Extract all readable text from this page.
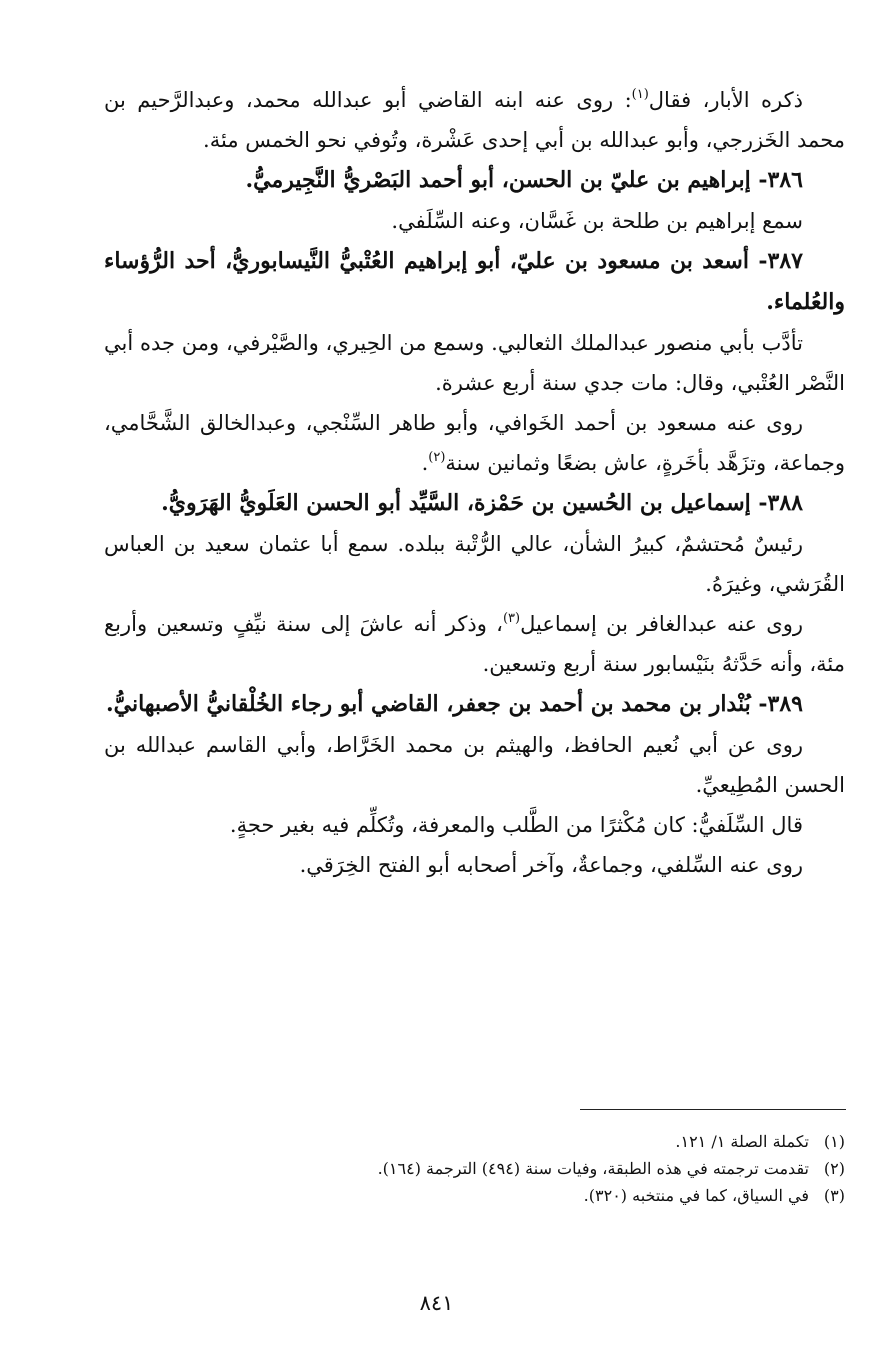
ذكره الأبار، فقال$^{(١)}$: روى عنه ابنه القاضي أبو عبدالله محمد، وعبدالرَّحيم بن محمد الخَزرجي، وأبو عبدالله بن أبي إحدى عَشْرة، وتُوفي نحو الخمس مئة.

٣٨٦- إبراهيم بن عليّ بن الحسن، أبو أحمد البَصْريُّ النَّجِيرميُّ.

سمع إبراهيم بن طلحة بن غَسَّان، وعنه السِّلَفي.

٣٨٧- أسعد بن مسعود بن عليّ، أبو إبراهيم العُتْبيُّ النَّيسابوريُّ، أحد الرُّؤساء والعُلماء.

تأدَّب بأبي منصور عبدالملك الثعالبي. وسمع من الحِيري، والصَّيْرفي، ومن جده أبي النَّصْر العُتْبي، وقال: مات جدي سنة أربع عشرة.

روى عنه مسعود بن أحمد الخَوافي، وأبو طاهر السِّنْجي، وعبدالخالق الشَّحَّامي، وجماعة، وتزَهَّد بأخَرةٍ، عاش بضعًا وثمانين سنة$^{(٢)}$.

٣٨٨- إسماعيل بن الحُسين بن حَمْزة، السَّيِّد أبو الحسن العَلَويُّ الهَرَويُّ.

رئيسٌ مُحتشمٌ، كبيرُ الشأن، عالي الرُّتْبة ببلده. سمع أبا عثمان سعيد بن العباس القُرَشي، وغيرَهُ.

روى عنه عبدالغافر بن إسماعيل$^{(٣)}$، وذكر أنه عاشَ إلى سنة نيِّفٍ وتسعين وأربع مئة، وأنه حَدَّثهُ بنَيْسابور سنة أربع وتسعين.

٣٨٩- بُنْدار بن محمد بن أحمد بن جعفر، القاضي أبو رجاء الخُلْقانيُّ الأصبهانيُّ.

روى عن أبي نُعيم الحافظ، والهيثم بن محمد الخَرَّاط، وأبي القاسم عبدالله بن الحسن المُطِيعيِّ.

قال السِّلَفيُّ: كان مُكْثرًا من الطَّلب والمعرفة، وتُكلِّم فيه بغير حجةٍ.

روى عنه السِّلفي، وجماعةٌ، وآخر أصحابه أبو الفتح الخِرَقي.

(١)تكملة الصلة ١/ ١٢١.

(٢)تقدمت ترجمته في هذه الطبقة، وفيات سنة (٤٩٤) الترجمة (١٦٤).

(٣)في السياق، كما في منتخبه (٣٢٠).

٨٤١
